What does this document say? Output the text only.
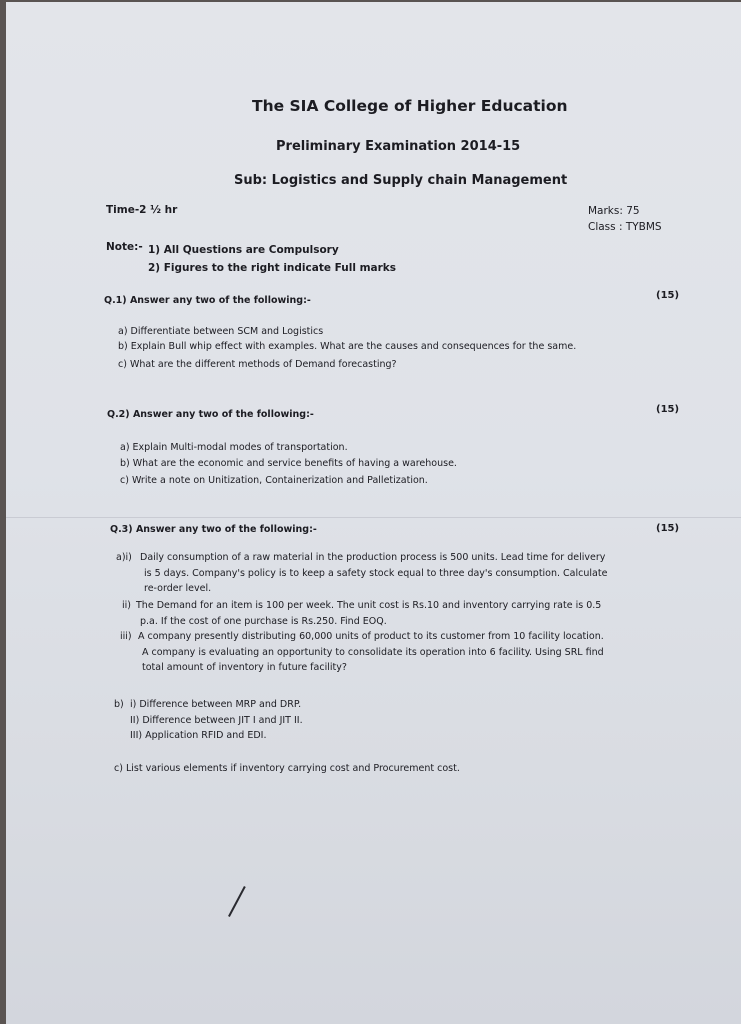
The SIA College of Higher Education
Preliminary Examination 2014-15
Sub: Logistics and Supply chain Management
Time-2 ½ hr	Marks: 75
Class : TYBMS
Note:- 1) All Questions are Compulsory
2) Figures to the right indicate Full marks
Q.1) Answer any two of the following:-	(15)
a) Differentiate between SCM and Logistics
b) Explain Bull whip effect with examples. What are the causes and consequences for the same.
c) What are the different methods of Demand forecasting?
Q.2) Answer any two of the following:-	(15)
a) Explain Multi-modal modes of transportation.
b) What are the economic and service benefits of having a warehouse.
c) Write a note on Unitization, Containerization and Palletization.
Q.3) Answer any two of the following:-	(15)
a)i) Daily consumption of a raw material in the production process is 500 units. Lead time for delivery
is 5 days. Company's policy is to keep a safety stock equal to three day's consumption. Calculate
re-order level.
ii) The Demand for an item is 100 per week. The unit cost is Rs.10 and inventory carrying rate is 0.5
p.a. If the cost of one purchase is Rs.250. Find EOQ.
iii) A company presently distributing 60,000 units of product to its customer from 10 facility location.
A company is evaluating an opportunity to consolidate its operation into 6 facility. Using SRL find
total amount of inventory in future facility?
b) i) Difference between MRP and DRP.
II) Difference between JIT I and JIT II.
III) Application RFID and EDI.
c) List various elements if inventory carrying cost and Procurement cost.
